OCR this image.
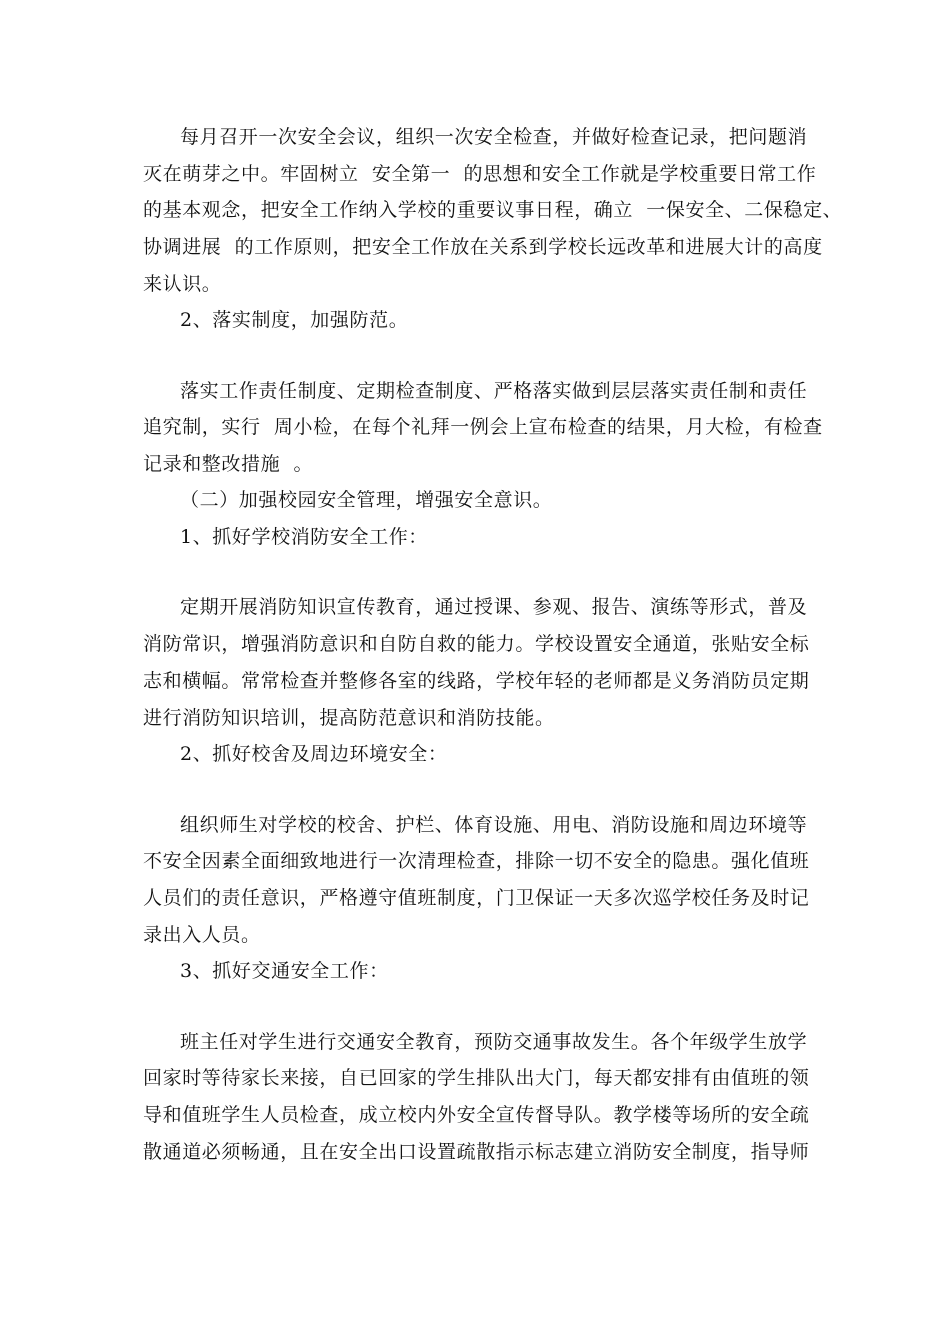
每月召开一次安全会议，组织一次安全检查，并做好检查记录，把问题消
灭在萌芽之中。牢固树立  安全第一  的思想和安全工作就是学校重要日常工作
的基本观念，把安全工作纳入学校的重要议事日程，确立  一保安全、二保稳定、
协调进展  的工作原则，把安全工作放在关系到学校长远改革和进展大计的高度
来认识。
2、落实制度，加强防范。
落实工作责任制度、定期检查制度、严格落实做到层层落实责任制和责任
追究制，实行  周小检，在每个礼拜一例会上宣布检查的结果，月大检，有检查
记录和整改措施  。
（二）加强校园安全管理，增强安全意识。
1、抓好学校消防安全工作：
定期开展消防知识宣传教育，通过授课、参观、报告、演练等形式，普及
消防常识，增强消防意识和自防自救的能力。学校设置安全通道，张贴安全标
志和横幅。常常检查并整修各室的线路，学校年轻的老师都是义务消防员定期
进行消防知识培训，提高防范意识和消防技能。
2、抓好校舍及周边环境安全：
组织师生对学校的校舍、护栏、体育设施、用电、消防设施和周边环境等
不安全因素全面细致地进行一次清理检查，排除一切不安全的隐患。强化值班
人员们的责任意识，严格遵守值班制度，门卫保证一天多次巡学校任务及时记
录出入人员。
3、抓好交通安全工作：
班主任对学生进行交通安全教育，预防交通事故发生。各个年级学生放学
回家时等待家长来接，自已回家的学生排队出大门，每天都安排有由值班的领
导和值班学生人员检查，成立校内外安全宣传督导队。教学楼等场所的安全疏
散通道必须畅通，且在安全出口设置疏散指示标志建立消防安全制度，指导师
